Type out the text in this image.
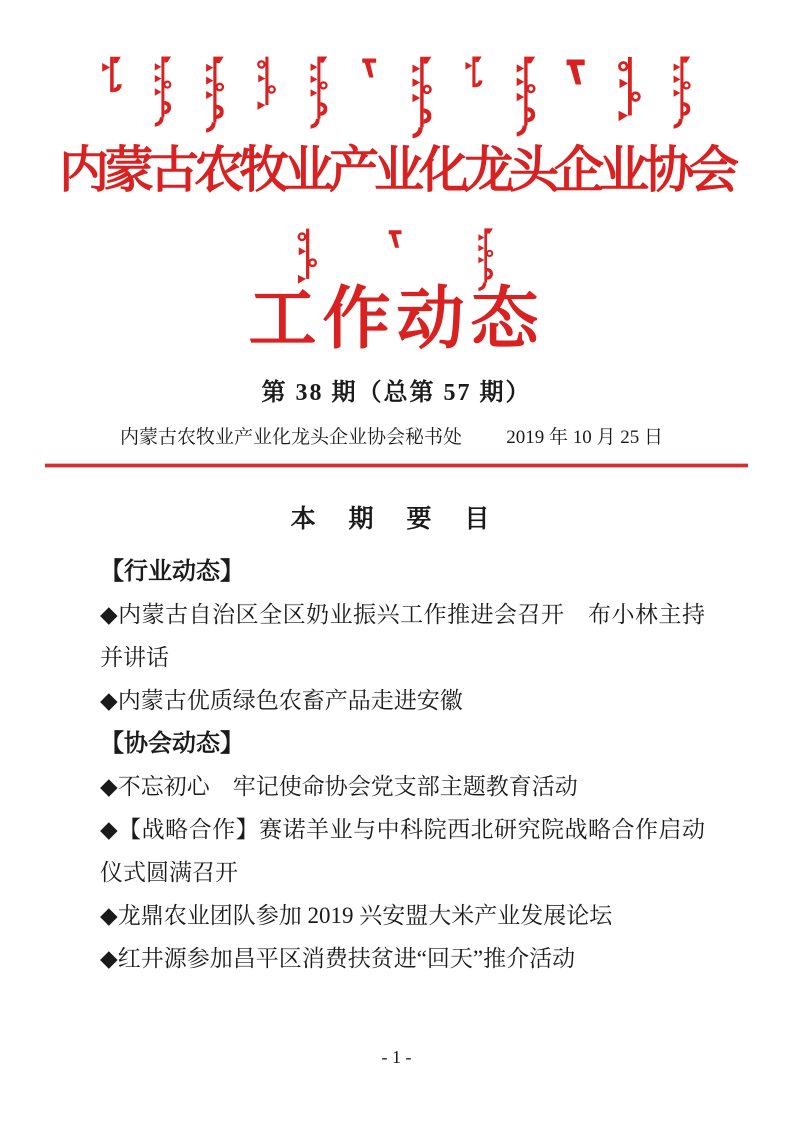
内蒙古农牧业产业化龙头企业协会
工作动态
第 38 期（总第 57 期）
内蒙古农牧业产业化龙头企业协会秘书处 2019 年 10 月 25 日
本 期 要 目
【行业动态】

◆内蒙古自治区全区奶业振兴工作推进会召开　布小林主持并讲话

◆内蒙古优质绿色农畜产品走进安徽

【协会动态】

◆不忘初心　牢记使命协会党支部主题教育活动

◆【战略合作】赛诺羊业与中科院西北研究院战略合作启动仪式圆满召开

◆龙鼎农业团队参加 2019 兴安盟大米产业发展论坛

◆红井源参加昌平区消费扶贫进“回天”推介活动

- 1 -
